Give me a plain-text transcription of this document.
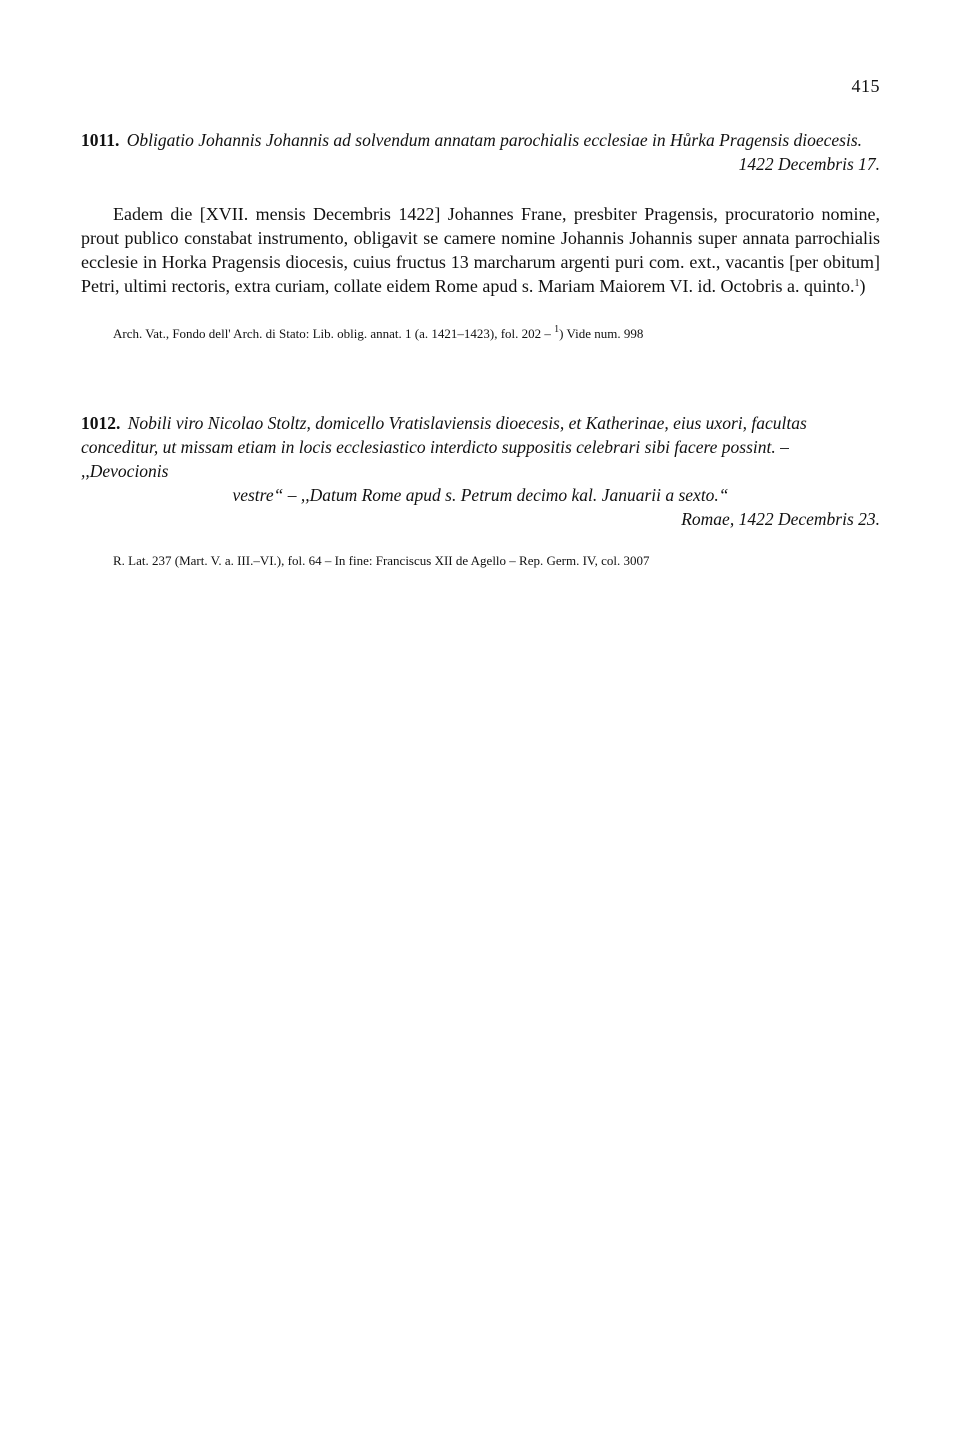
415
1011. Obligatio Johannis Johannis ad solvendum annatam parochialis ecclesiae in Hůrka Pragensis dioecesis.
1422 Decembris 17.

Eadem die [XVII. mensis Decembris 1422] Johannes Frane, presbiter Pragensis, procuratorio nomine, prout publico constabat instrumento, obligavit se camere nomine Johannis Johannis super annata parrochialis ecclesie in Horka Pragensis diocesis, cuius fructus 13 marcharum argenti puri com. ext., vacantis [per obitum] Petri, ultimi rectoris, extra curiam, collate eidem Rome apud s. Mariam Maiorem VI. id. Octobris a. quinto.$^1$)

Arch. Vat., Fondo dell' Arch. di Stato: Lib. oblig. annat. 1 (a. 1421–1423), fol. 202 – $^1$) Vide num. 998

1012. Nobili viro Nicolao Stoltz, domicello Vratislaviensis dioecesis, et Katherinae, eius uxori, facultas conceditur, ut missam etiam in locis ecclesiastico interdicto suppositis celebrari sibi facere possint. – ,,Devocionis
vestre“ – ,,Datum Rome apud s. Petrum decimo kal. Januarii a sexto.“
Romae, 1422 Decembris 23.

R. Lat. 237 (Mart. V. a. III.–VI.), fol. 64 – In fine: Franciscus XII de Agello – Rep. Germ. IV, col. 3007
